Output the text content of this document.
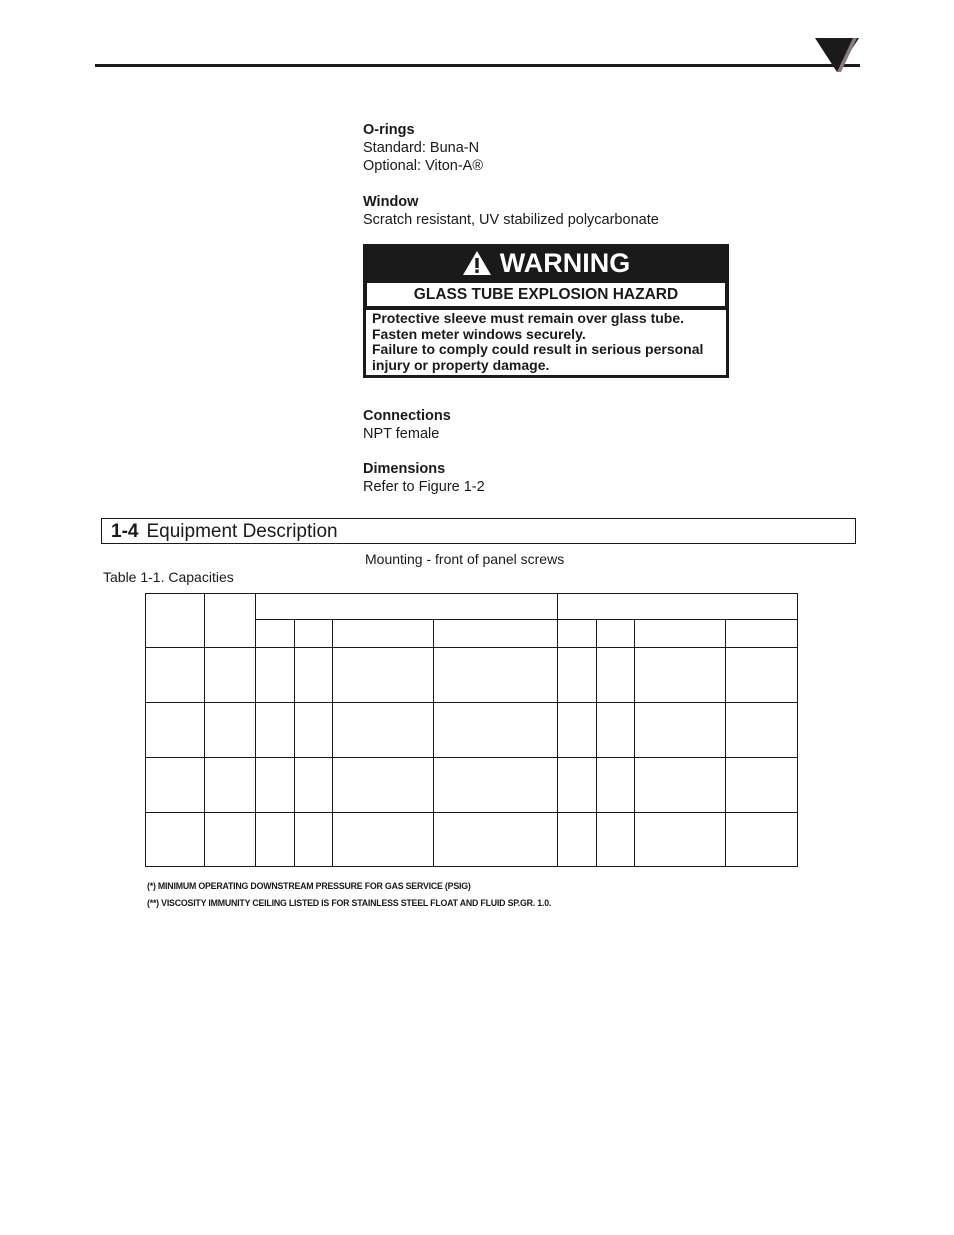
O-rings
Standard: Buna-N
Optional: Viton-A®
Window
Scratch resistant, UV stabilized polycarbonate
WARNING
GLASS TUBE EXPLOSION HAZARD
Protective sleeve must remain over glass tube.
Fasten meter windows securely.
Failure to comply could result in serious personal
injury or property damage.
Connections
NPT female
Dimensions
Refer to Figure 1-2
1-4 Equipment Description
Mounting - front of panel screws
Table 1-1. Capacities

(*) MINIMUM OPERATING DOWNSTREAM PRESSURE FOR GAS SERVICE (PSIG)
(**) VISCOSITY IMMUNITY CEILING LISTED IS FOR STAINLESS STEEL FLOAT AND FLUID SP.GR. 1.0.
